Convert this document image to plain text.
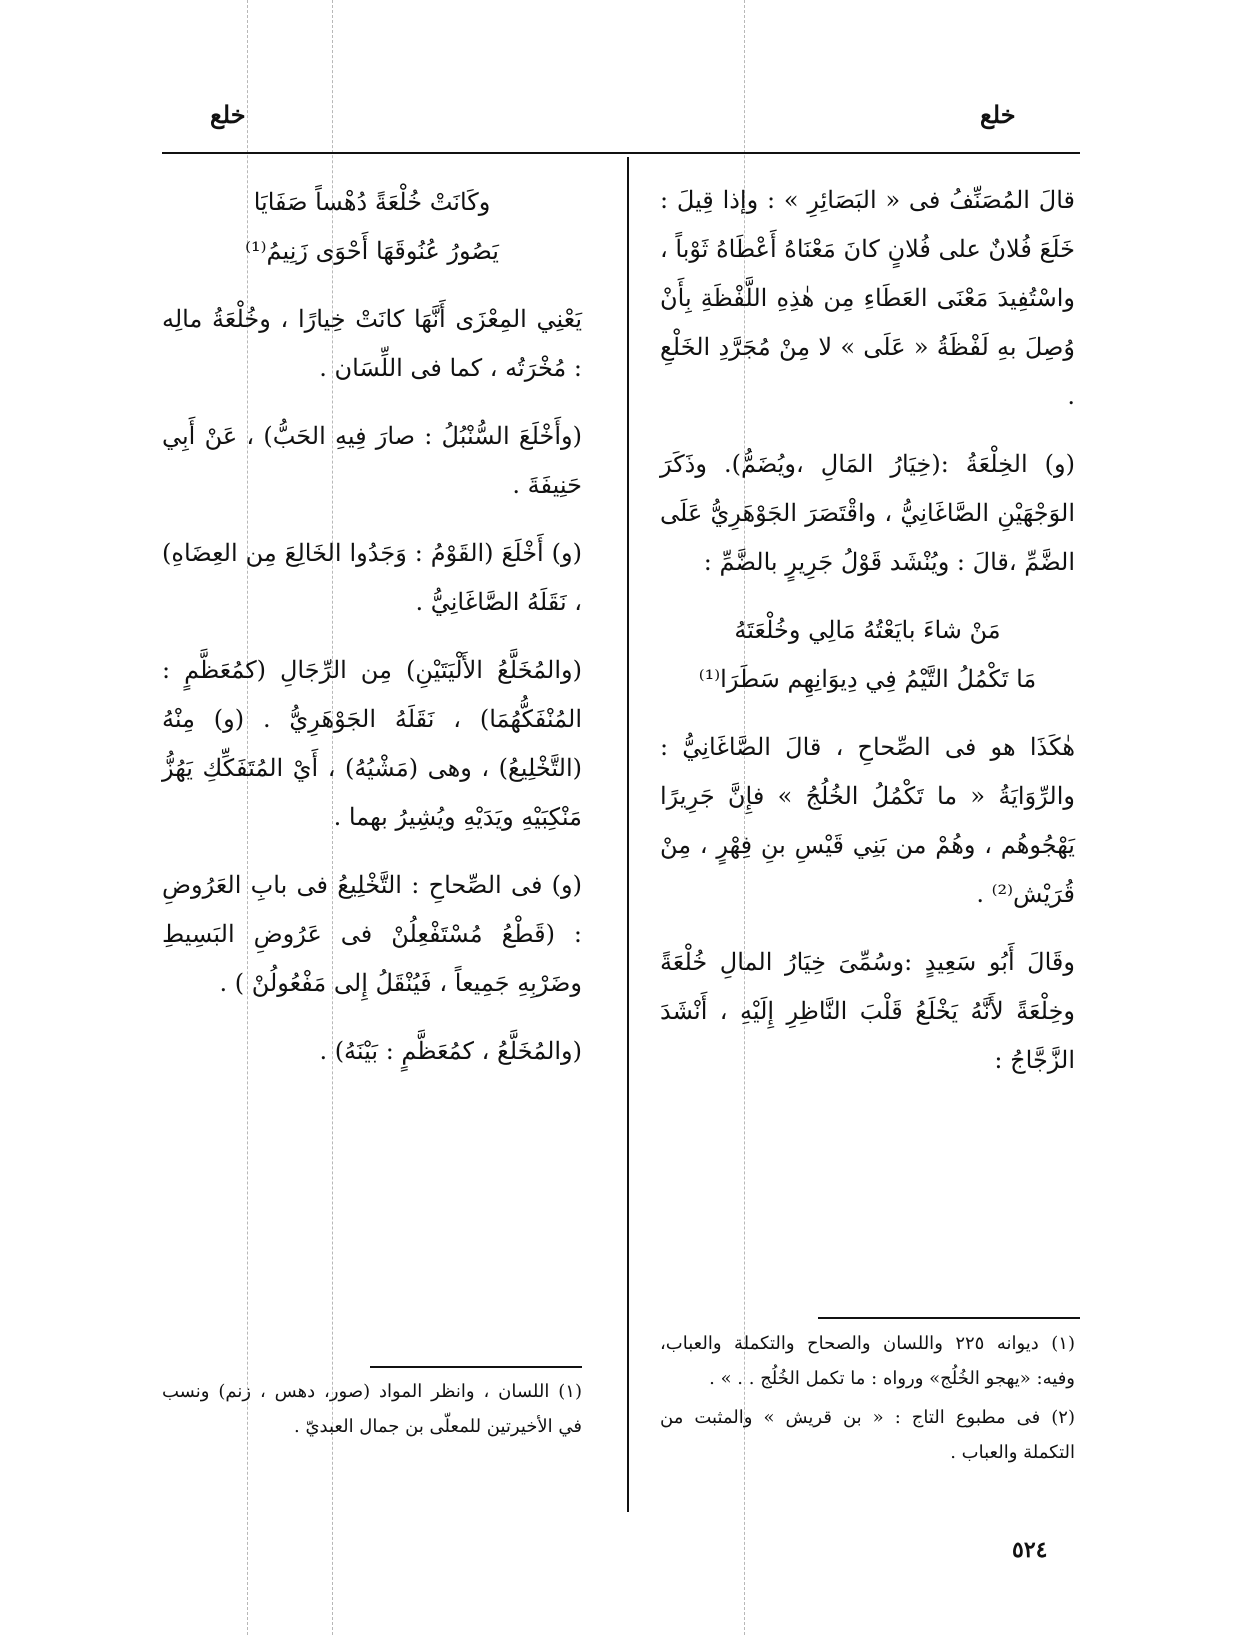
خلع
خلع

قالَ المُصَنِّفُ فى « البَصَائِرِ » : وإذا قِيلَ : خَلَعَ فُلانٌ على فُلانٍ كانَ مَعْنَاهُ أَعْطَاهُ ثَوْباً ، واسْتُفِيدَ مَعْنَى العَطَاءِ مِن هٰذِهِ اللَّفْظَةِ بِأَنْ وُصِلَ بهِ لَفْظَةُ « عَلَى » لا مِنْ مُجَرَّدِ الخَلْعِ .

(و) الخِلْعَةُ :(خِيَارُ المَالِ ،ويُضَمُّ). وذَكَرَ الوَجْهَيْنِ الصَّاغَانِيُّ ، واقْتَصَرَ الجَوْهَرِيُّ عَلَى الضَّمِّ ،قالَ : ويُنْشَد قَوْلُ جَرِيرٍ بالضَّمِّ :

مَنْ شاءَ بايَعْتُهُ مَالِي وخُلْعَتَهُ
مَا تَكْمُلُ التَّيْمُ فِي دِيوَانِهِم سَطَرَا⁽¹⁾

هٰكَذَا هو فى الصِّحاحِ ، قالَ الصَّاغَانِيُّ : والرِّوَايَةُ « ما تَكْمُلُ الخُلُجُ » فإِنَّ جَرِيرًا يَهْجُوهُم ، وهُمْ من بَنِي قَيْسِ بنِ فِهْرٍ ، مِنْ قُرَيْش⁽²⁾ .

وقَالَ أَبُو سَعِيدٍ :وسُمِّىَ خِيَارُ المالِ خُلْعَةً وخِلْعَةً لأَنَّهُ يَخْلَعُ قَلْبَ النَّاظِرِ إِلَيْهِ ، أَنْشَدَ الزَّجَّاجُ :

(١) ديوانه ٢٢٥ واللسان والصحاح والتكملة والعباب، وفيه: «يهجو الخُلُج» ورواه : ما تكمل الخُلُج . . » .

(٢) فى مطبوع التاج : « بن قريش » والمثبت من التكملة والعباب .

وكَانَتْ خُلْعَةً دُهْساً صَفَايَا
يَصُورُ عُنُوقَهَا أَحْوَى زَنِيمُ⁽¹⁾

يَعْنِي المِعْزَى أَنَّهَا كانَتْ خِيارًا ، وخُلْعَةُ مالِه : مُخْرَتُه ، كما فى اللِّسَان .

(وأَخْلَعَ السُّنْبُلُ : صارَ فِيهِ الحَبُّ) ، عَنْ أَبِي حَنِيفَةَ .

(و) أَخْلَعَ (القَوْمُ : وَجَدُوا الخَالِعَ مِن العِضَاهِ) ، نَقَلَهُ الصَّاغَانِيُّ .

(والمُخَلَّعُ الأَلْيَتَيْنِ) مِن الرِّجَالِ (كمُعَظَّمٍ : المُنْفَكُّهُمَا) ، نَقَلَهُ الجَوْهَرِيُّ . (و) مِنْهُ (التَّخْلِيعُ) ، وهى (مَشْيُهُ) ، أَيْ المُتَفَكِّكِ يَهُزُّ مَنْكِبَيْهِ ويَدَيْهِ ويُشِيرُ بهما .

(و) فى الصِّحاحِ : التَّخْلِيعُ فى بابِ العَرُوضِ : (قَطْعُ مُسْتَفْعِلُنْ فى عَرُوضِ البَسِيطِ وضَرْبِهِ جَمِيعاً ، فَيُنْقَلُ إِلى مَفْعُولُنْ ) .

(والمُخَلَّعُ ، كمُعَظَّمٍ : بَيْنَهُ) .

(١) اللسان ، وانظر المواد (صور، دهس ، زنم) ونسب في الأخيرتين للمعلّى بن جمال العبديّ .

٥٢٤
